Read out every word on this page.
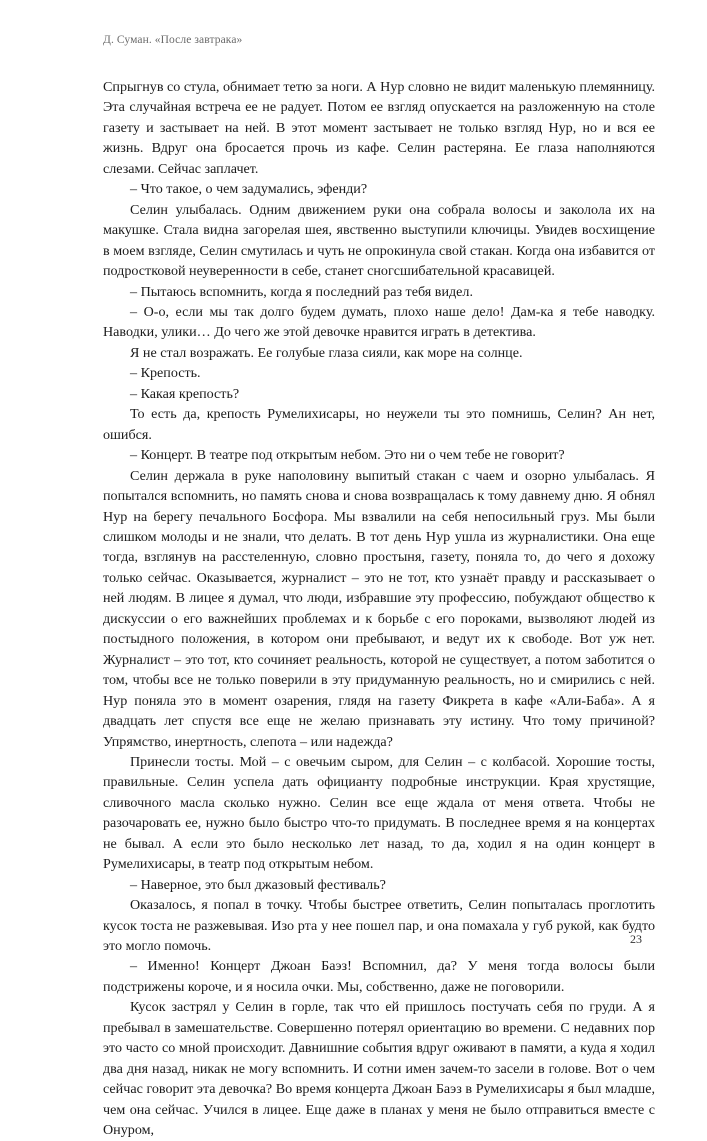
Д. Суман. «После завтрака»

Спрыгнув со стула, обнимает тетю за ноги. А Нур словно не видит маленькую племянницу. Эта случайная встреча ее не радует. Потом ее взгляд опускается на разложенную на столе газету и застывает на ней. В этот момент застывает не только взгляд Нур, но и вся ее жизнь. Вдруг она бросается прочь из кафе. Селин растеряна. Ее глаза наполняются слезами. Сейчас заплачет.

– Что такое, о чем задумались, эфенди?

Селин улыбалась. Одним движением руки она собрала волосы и заколола их на макушке. Стала видна загорелая шея, явственно выступили ключицы. Увидев восхищение в моем взгляде, Селин смутилась и чуть не опрокинула свой стакан. Когда она избавится от подростковой неуверенности в себе, станет сногсшибательной красавицей.

– Пытаюсь вспомнить, когда я последний раз тебя видел.

– О-о, если мы так долго будем думать, плохо наше дело! Дам-ка я тебе наводку. Наводки, улики… До чего же этой девочке нравится играть в детектива.

Я не стал возражать. Ее голубые глаза сияли, как море на солнце.

– Крепость.

– Какая крепость?

То есть да, крепость Румелихисары, но неужели ты это помнишь, Селин? Ан нет, ошибся.

– Концерт. В театре под открытым небом. Это ни о чем тебе не говорит?

Селин держала в руке наполовину выпитый стакан с чаем и озорно улыбалась. Я попытался вспомнить, но память снова и снова возвращалась к тому давнему дню. Я обнял Нур на берегу печального Босфора. Мы взвалили на себя непосильный груз. Мы были слишком молоды и не знали, что делать. В тот день Нур ушла из журналистики. Она еще тогда, взглянув на расстеленную, словно простыня, газету, поняла то, до чего я дохожу только сейчас. Оказывается, журналист – это не тот, кто узнаёт правду и рассказывает о ней людям. В лицее я думал, что люди, избравшие эту профессию, побуждают общество к дискуссии о его важнейших проблемах и к борьбе с его пороками, вызволяют людей из постыдного положения, в котором они пребывают, и ведут их к свободе. Вот уж нет. Журналист – это тот, кто сочиняет реальность, которой не существует, а потом заботится о том, чтобы все не только поверили в эту придуманную реальность, но и смирились с ней. Нур поняла это в момент озарения, глядя на газету Фикрета в кафе «Али-Баба». А я двадцать лет спустя все еще не желаю признавать эту истину. Что тому причиной? Упрямство, инертность, слепота – или надежда?

Принесли тосты. Мой – с овечьим сыром, для Селин – с колбасой. Хорошие тосты, правильные. Селин успела дать официанту подробные инструкции. Края хрустящие, сливочного масла сколько нужно. Селин все еще ждала от меня ответа. Чтобы не разочаровать ее, нужно было быстро что-то придумать. В последнее время я на концертах не бывал. А если это было несколько лет назад, то да, ходил я на один концерт в Румелихисары, в театр под открытым небом.

– Наверное, это был джазовый фестиваль?

Оказалось, я попал в точку. Чтобы быстрее ответить, Селин попыталась проглотить кусок тоста не разжевывая. Изо рта у нее пошел пар, и она помахала у губ рукой, как будто это могло помочь.

– Именно! Концерт Джоан Баэз! Вспомнил, да? У меня тогда волосы были подстрижены короче, и я носила очки. Мы, собственно, даже не поговорили.

Кусок застрял у Селин в горле, так что ей пришлось постучать себя по груди. А я пребывал в замешательстве. Совершенно потерял ориентацию во времени. С недавних пор это часто со мной происходит. Давнишние события вдруг оживают в памяти, а куда я ходил два дня назад, никак не могу вспомнить. И сотни имен зачем-то засели в голове. Вот о чем сейчас говорит эта девочка? Во время концерта Джоан Баэз в Румелихисары я был младше, чем она сейчас. Учился в лицее. Еще даже в планах у меня не было отправиться вместе с Онуром,

23
